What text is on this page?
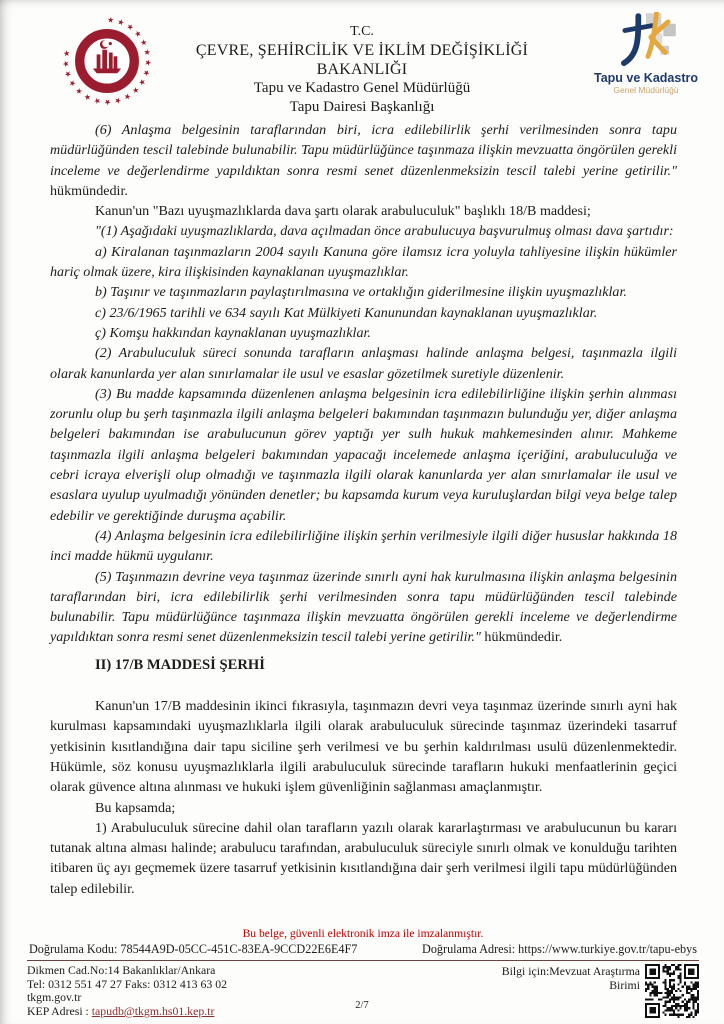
★ ★ ★ ★ ★ ★ ★ ★ ★ ★ ★ ★ ★ ★ ★ ★ ★ ★ ★ ★
T.C.
ÇEVRE, ŞEHİRCİLİK VE İKLİM DEĞİŞİKLİĞİ BAKANLIĞI
Tapu ve Kadastro Genel Müdürlüğü
Tapu Dairesi Başkanlığı
Tapu ve Kadastro
Genel Müdürlüğü

(6) Anlaşma belgesinin taraflarından biri, icra edilebilirlik şerhi verilmesinden sonra tapu müdürlüğünden tescil talebinde bulunabilir. Tapu müdürlüğünce taşınmaza ilişkin mevzuatta öngörülen gerekli inceleme ve değerlendirme yapıldıktan sonra resmi senet düzenlenmeksizin tescil talebi yerine getirilir." hükmündedir.

Kanun'un "Bazı uyuşmazlıklarda dava şartı olarak arabuluculuk" başlıklı 18/B maddesi;

"(1) Aşağıdaki uyuşmazlıklarda, dava açılmadan önce arabulucuya başvurulmuş olması dava şartıdır:

a) Kiralanan taşınmazların 2004 sayılı Kanuna göre ilamsız icra yoluyla tahliyesine ilişkin hükümler hariç olmak üzere, kira ilişkisinden kaynaklanan uyuşmazlıklar.

b) Taşınır ve taşınmazların paylaştırılmasına ve ortaklığın giderilmesine ilişkin uyuşmazlıklar.

c) 23/6/1965 tarihli ve 634 sayılı Kat Mülkiyeti Kanunundan kaynaklanan uyuşmazlıklar.

ç) Komşu hakkından kaynaklanan uyuşmazlıklar.

(2) Arabuluculuk süreci sonunda tarafların anlaşması halinde anlaşma belgesi, taşınmazla ilgili olarak kanunlarda yer alan sınırlamalar ile usul ve esaslar gözetilmek suretiyle düzenlenir.

(3) Bu madde kapsamında düzenlenen anlaşma belgesinin icra edilebilirliğine ilişkin şerhin alınması zorunlu olup bu şerh taşınmazla ilgili anlaşma belgeleri bakımından taşınmazın bulunduğu yer, diğer anlaşma belgeleri bakımından ise arabulucunun görev yaptığı yer sulh hukuk mahkemesinden alınır. Mahkeme taşınmazla ilgili anlaşma belgeleri bakımından yapacağı incelemede anlaşma içeriğini, arabuluculuğa ve cebri icraya elverişli olup olmadığı ve taşınmazla ilgili olarak kanunlarda yer alan sınırlamalar ile usul ve esaslara uyulup uyulmadığı yönünden denetler; bu kapsamda kurum veya kuruluşlardan bilgi veya belge talep edebilir ve gerektiğinde duruşma açabilir.

(4) Anlaşma belgesinin icra edilebilirliğine ilişkin şerhin verilmesiyle ilgili diğer hususlar hakkında 18 inci madde hükmü uygulanır.

(5) Taşınmazın devrine veya taşınmaz üzerinde sınırlı ayni hak kurulmasına ilişkin anlaşma belgesinin taraflarından biri, icra edilebilirlik şerhi verilmesinden sonra tapu müdürlüğünden tescil talebinde bulunabilir. Tapu müdürlüğünce taşınmaza ilişkin mevzuatta öngörülen gerekli inceleme ve değerlendirme yapıldıktan sonra resmi senet düzenlenmeksizin tescil talebi yerine getirilir." hükmündedir.

II) 17/B MADDESİ ŞERHİ

Kanun'un 17/B maddesinin ikinci fıkrasıyla, taşınmazın devri veya taşınmaz üzerinde sınırlı ayni hak kurulması kapsamındaki uyuşmazlıklarla ilgili olarak arabuluculuk sürecinde taşınmaz üzerindeki tasarruf yetkisinin kısıtlandığına dair tapu siciline şerh verilmesi ve bu şerhin kaldırılması usulü düzenlenmektedir. Hükümle, söz konusu uyuşmazlıklarla ilgili arabuluculuk sürecinde tarafların hukuki menfaatlerinin geçici olarak güvence altına alınması ve hukuki işlem güvenliğinin sağlanması amaçlanmıştır.

Bu kapsamda;

1) Arabuluculuk sürecine dahil olan tarafların yazılı olarak kararlaştırması ve arabulucunun bu kararı tutanak altına alması halinde; arabulucu tarafından, arabuluculuk süreciyle sınırlı olmak ve konulduğu tarihten itibaren üç ayı geçmemek üzere tasarruf yetkisinin kısıtlandığına dair şerh verilmesi ilgili tapu müdürlüğünden talep edilebilir.

Bu belge, güvenli elektronik imza ile imzalanmıştır.
Doğrulama Kodu: 78544A9D-05CC-451C-83EA-9CCD22E6E4F7	Doğrulama Adresi: https://www.turkiye.gov.tr/tapu-ebys
Dikmen Cad.No:14 Bakanlıklar/Ankara
Tel: 0312 551 47 27 Faks: 0312 413 63 02
tkgm.gov.tr
KEP Adresi : tapudb@tkgm.hs01.kep.tr
Bilgi için:Mevzuat Araştırma
Birimi
2/7
